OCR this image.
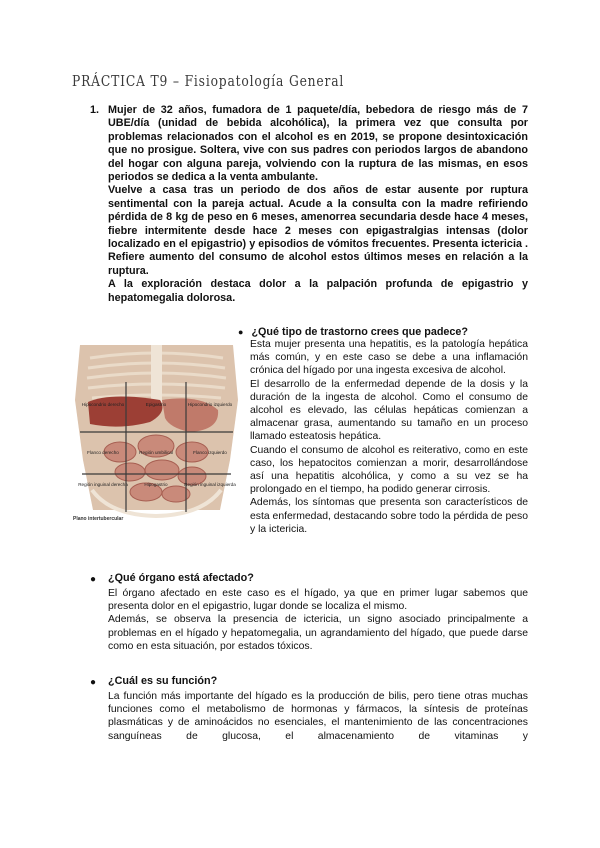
PRÁCTICA T9 – Fisiopatología General
1. Mujer de 32 años, fumadora de 1 paquete/día, bebedora de riesgo más de 7 UBE/día (unidad de bebida alcohólica), la primera vez que consulta por problemas relacionados con el alcohol es en 2019, se propone desintoxicación que no prosigue. Soltera, vive con sus padres con periodos largos de abandono del hogar con alguna pareja, volviendo con la ruptura de las mismas, en esos periodos se dedica a la venta ambulante.

Vuelve a casa tras un periodo de dos años de estar ausente por ruptura sentimental con la pareja actual. Acude a la consulta con la madre refiriendo pérdida de 8 kg de peso en 6 meses, amenorrea secundaria desde hace 4 meses, fiebre intermitente desde hace 2 meses con epigastralgias intensas (dolor localizado en el epigastrio) y episodios de vómitos frecuentes. Presenta ictericia . Refiere aumento del consumo de alcohol estos últimos meses en relación a la ruptura.

A la exploración destaca dolor a la palpación profunda de epigastrio y hepatomegalia dolorosa.

● ¿Qué tipo de trastorno crees que padece?
Hipocondrio derecho	Epigastrio	Hipocondrio izquierdo
Flanco derecho	Región umbilical	Flanco izquierdo
Región inguinal derecha	Hipogastrio	Región inguinal izquierda
Plano intertubercular

Esta mujer presenta una hepatitis, es la patología hepática más común, y en este caso se debe a una inflamación crónica del hígado por una ingesta excesiva de alcohol.

El desarrollo de la enfermedad depende de la dosis y la duración de la ingesta de alcohol. Como el consumo de alcohol es elevado, las células hepáticas comienzan a almacenar grasa, aumentando su tamaño en un proceso llamado esteatosis hepática.

Cuando el consumo de alcohol es reiterativo, como en este caso, los hepatocitos comienzan a morir, desarrollándose así una hepatitis alcohólica, y como a su vez se ha prolongado en el tiempo, ha podido generar cirrosis.

Además, los síntomas que presenta son característicos de esta enfermedad, destacando sobre todo la pérdida de peso y la ictericia.

● ¿Qué órgano está afectado?

El órgano afectado en este caso es el hígado, ya que en primer lugar sabemos que presenta dolor en el epigastrio, lugar donde se localiza el mismo.

Además, se observa la presencia de ictericia, un signo asociado principalmente a problemas en el hígado y hepatomegalia, un agrandamiento del hígado, que puede darse como en esta situación, por estados tóxicos.

● ¿Cuál es su función?

La función más importante del hígado es la producción de bilis, pero tiene otras muchas funciones como el metabolismo de hormonas y fármacos, la síntesis de proteínas plasmáticas y de aminoácidos no esenciales, el mantenimiento de las concentraciones sanguíneas de glucosa, el almacenamiento de vitaminas y
